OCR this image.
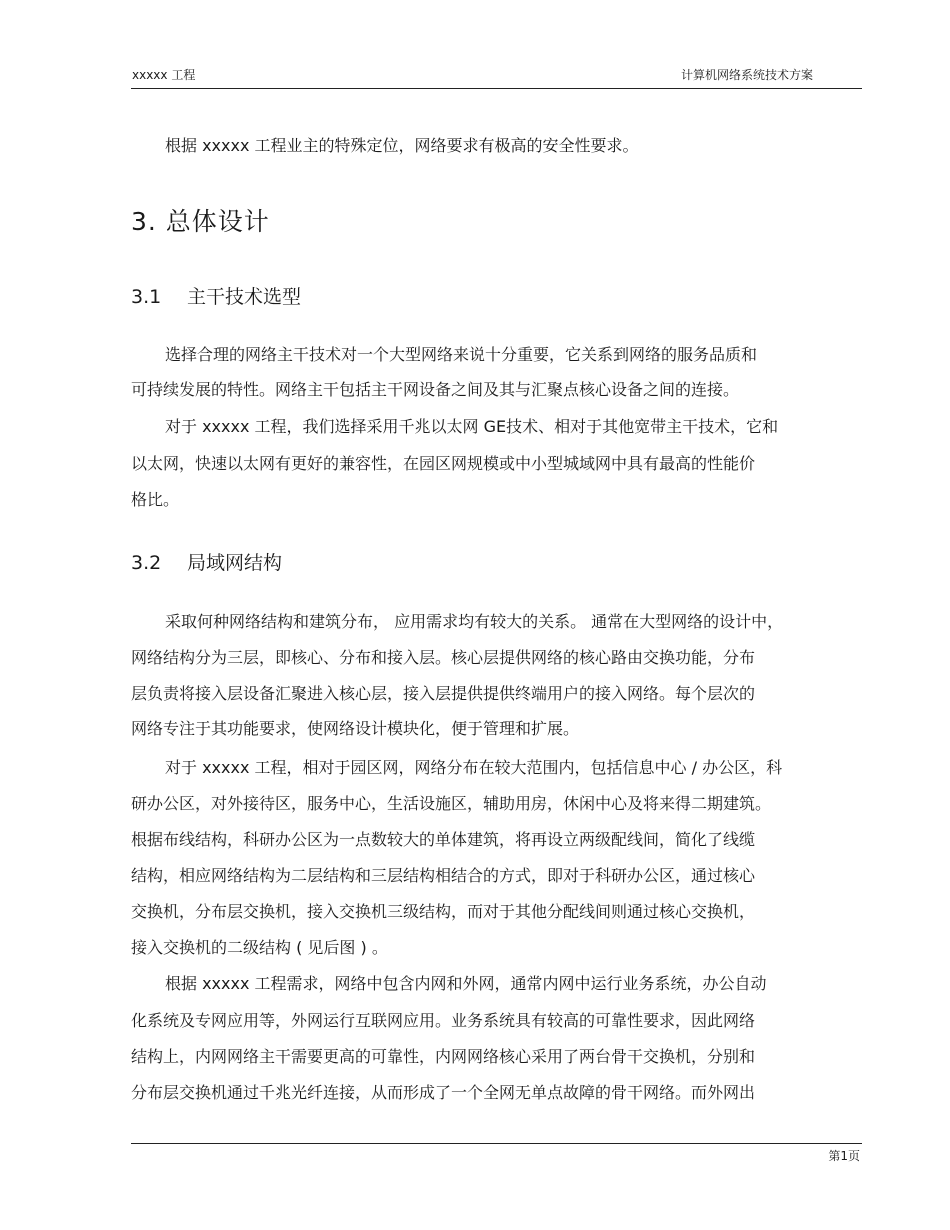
xxxxx 工程	计算机网络系统技术方案
根据 xxxxx 工程业主的特殊定位，网络要求有极高的安全性要求。
3. 总体设计
3.1 主干技术选型
选择合理的网络主干技术对一个大型网络来说十分重要，它关系到网络的服务品质和
可持续发展的特性。网络主干包括主干网设备之间及其与汇聚点核心设备之间的连接。
对于 xxxxx 工程，我们选择采用千兆以太网 GE技术、相对于其他宽带主干技术，它和
以太网，快速以太网有更好的兼容性，在园区网规模或中小型城域网中具有最高的性能价
格比。
3.2 局域网结构
采取何种网络结构和建筑分布， 应用需求均有较大的关系。 通常在大型网络的设计中，
网络结构分为三层，即核心、分布和接入层。核心层提供网络的核心路由交换功能，分布
层负责将接入层设备汇聚进入核心层，接入层提供提供终端用户的接入网络。每个层次的
网络专注于其功能要求，使网络设计模块化，便于管理和扩展。
对于 xxxxx 工程，相对于园区网，网络分布在较大范围内，包括信息中心 / 办公区，科
研办公区，对外接待区，服务中心，生活设施区，辅助用房，休闲中心及将来得二期建筑。
根据布线结构，科研办公区为一点数较大的单体建筑，将再设立两级配线间，简化了线缆
结构，相应网络结构为二层结构和三层结构相结合的方式，即对于科研办公区，通过核心
交换机，分布层交换机，接入交换机三级结构，而对于其他分配线间则通过核心交换机，
接入交换机的二级结构 ( 见后图 ) 。
根据 xxxxx 工程需求，网络中包含内网和外网，通常内网中运行业务系统，办公自动
化系统及专网应用等，外网运行互联网应用。业务系统具有较高的可靠性要求，因此网络
结构上，内网网络主干需要更高的可靠性，内网网络核心采用了两台骨干交换机，分别和
分布层交换机通过千兆光纤连接，从而形成了一个全网无单点故障的骨干网络。而外网出
第1页
